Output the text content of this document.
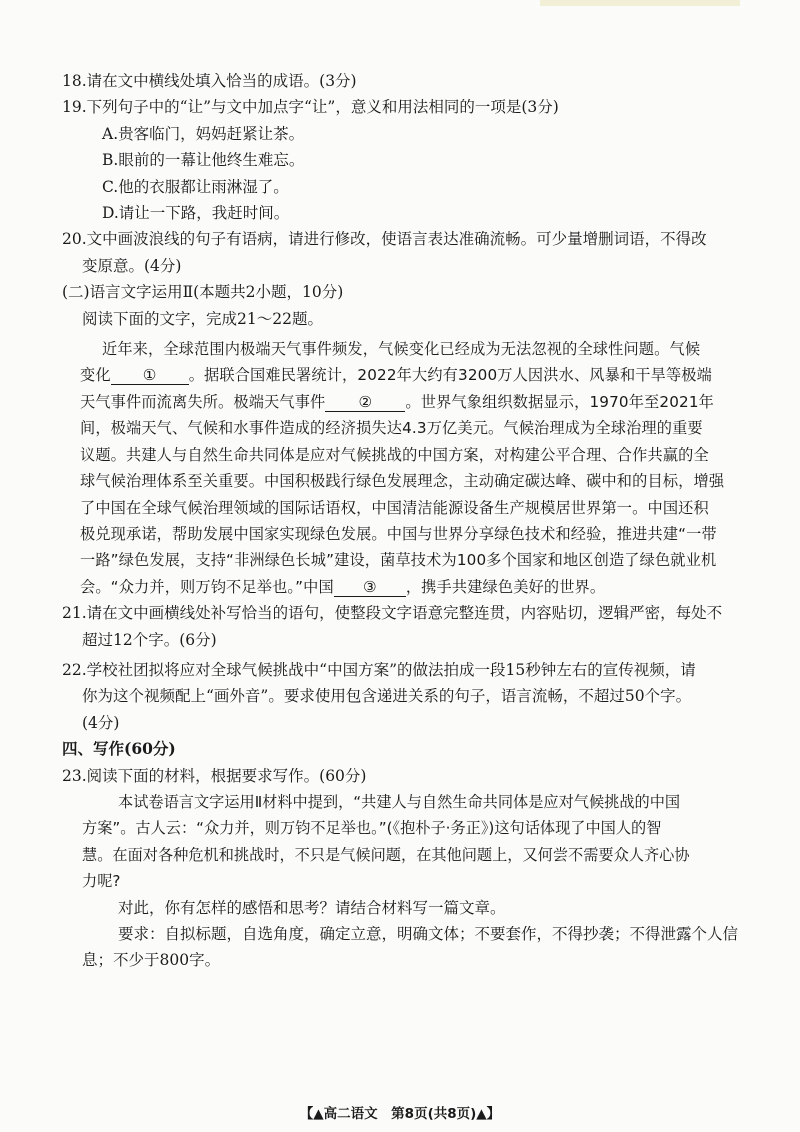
18.请在文中横线处填入恰当的成语。(3分)
19.下列句子中的“让”与文中加点字“让”，意义和用法相同的一项是(3分)
A.贵客临门，妈妈赶紧让茶。
B.眼前的一幕让他终生难忘。
C.他的衣服都让雨淋湿了。
D.请让一下路，我赶时间。
20.文中画波浪线的句子有语病，请进行修改，使语言表达准确流畅。可少量增删词语，不得改
变原意。(4分)
(二)语言文字运用Ⅱ(本题共2小题，10分)
阅读下面的文字，完成21～22题。
近年来，全球范围内极端天气事件频发，气候变化已经成为无法忽视的全球性问题。气候
变化 ① 。据联合国难民署统计，2022年大约有3200万人因洪水、风暴和干旱等极端
天气事件而流离失所。极端天气事件 ② 。世界气象组织数据显示，1970年至2021年
间，极端天气、气候和水事件造成的经济损失达4.3万亿美元。气候治理成为全球治理的重要
议题。共建人与自然生命共同体是应对气候挑战的中国方案，对构建公平合理、合作共赢的全
球气候治理体系至关重要。中国积极践行绿色发展理念，主动确定碳达峰、碳中和的目标，增强
了中国在全球气候治理领域的国际话语权，中国清洁能源设备生产规模居世界第一。中国还积
极兑现承诺，帮助发展中国家实现绿色发展。中国与世界分享绿色技术和经验，推进共建“一带
一路”绿色发展，支持“非洲绿色长城”建设，菌草技术为100多个国家和地区创造了绿色就业机
会。“众力并，则万钧不足举也。”中国 ③ ，携手共建绿色美好的世界。
21.请在文中画横线处补写恰当的语句，使整段文字语意完整连贯，内容贴切，逻辑严密，每处不
超过12个字。(6分)
22.学校社团拟将应对全球气候挑战中“中国方案”的做法拍成一段15秒钟左右的宣传视频，请
你为这个视频配上“画外音”。要求使用包含递进关系的句子，语言流畅，不超过50个字。
(4分)
四、写作(60分)
23.阅读下面的材料，根据要求写作。(60分)
本试卷语言文字运用Ⅱ材料中提到，“共建人与自然生命共同体是应对气候挑战的中国
方案”。古人云：“众力并，则万钧不足举也。”(《抱朴子·务正》)这句话体现了中国人的智
慧。在面对各种危机和挑战时，不只是气候问题，在其他问题上，又何尝不需要众人齐心协
力呢?
对此，你有怎样的感悟和思考？请结合材料写一篇文章。
要求：自拟标题，自选角度，确定立意，明确文体；不要套作，不得抄袭；不得泄露个人信
息；不少于800字。
【▲高二语文　第8页(共8页)▲】
